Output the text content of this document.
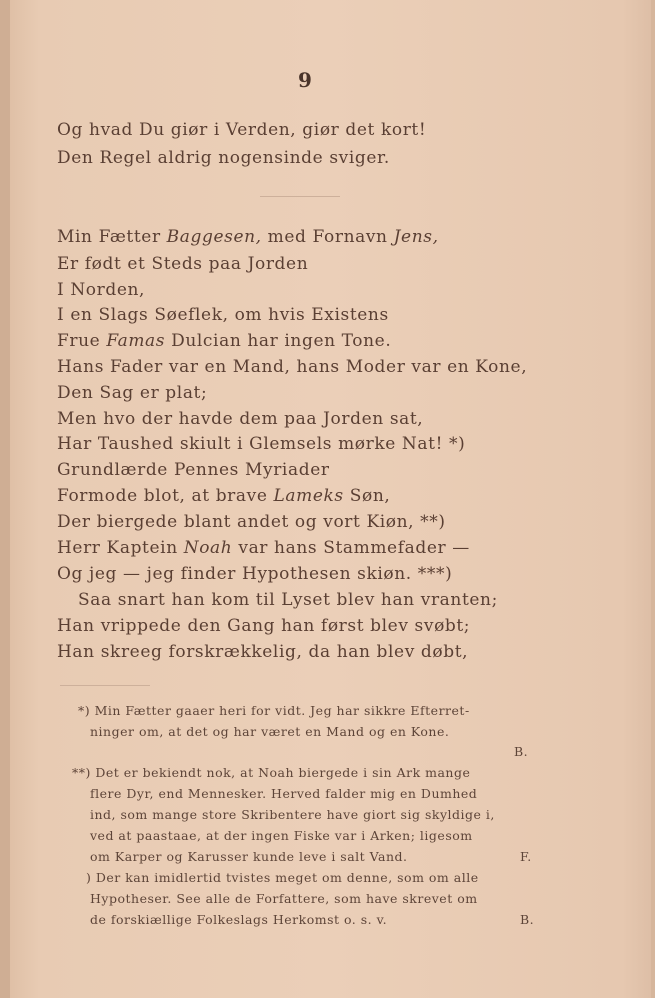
9
Og hvad Du giør i Verden, giør det kort!
Den Regel aldrig nogensinde sviger.
Min Fætter Baggesen, med Fornavn Jens,
Er født et Steds paa Jorden
I Norden,
I en Slags Søeflek, om hvis Existens
Frue Famas Dulcian har ingen Tone.
Hans Fader var en Mand, hans Moder var en Kone,
Den Sag er plat;
Men hvo der havde dem paa Jorden sat,
Har Taushed skiult i Glemsels mørke Nat! *)
Grundlærde Pennes Myriader
Formode blot, at brave Lameks Søn,
Der biergede blant andet og vort Kiøn, **)
Herr Kaptein Noah var hans Stammefader —
Og jeg — jeg finder Hypothesen skiøn. ***)
Saa snart han kom til Lyset blev han vranten;
Han vrippede den Gang han først blev svøbt;
Han skreeg forskrækkelig, da han blev døbt,
*) Min Fætter gaaer heri for vidt. Jeg har sikkre Efterret-
ninger om, at det og har været en Mand og en Kone.
B.
**) Det er bekiendt nok, at Noah biergede i sin Ark mange
flere Dyr, end Mennesker. Herved falder mig en Dumhed
ind, som mange store Skribentere have giort sig skyldige i,
ved at paastaae, at der ingen Fiske var i Arken; ligesom
om Karper og Karusser kunde leve i salt Vand.	F.
) Der kan imidlertid tvistes meget om denne, som om alle
Hypotheser. See alle de Forfattere, som have skrevet om
de forskiællige Folkeslags Herkomst o. s. v.	B.
